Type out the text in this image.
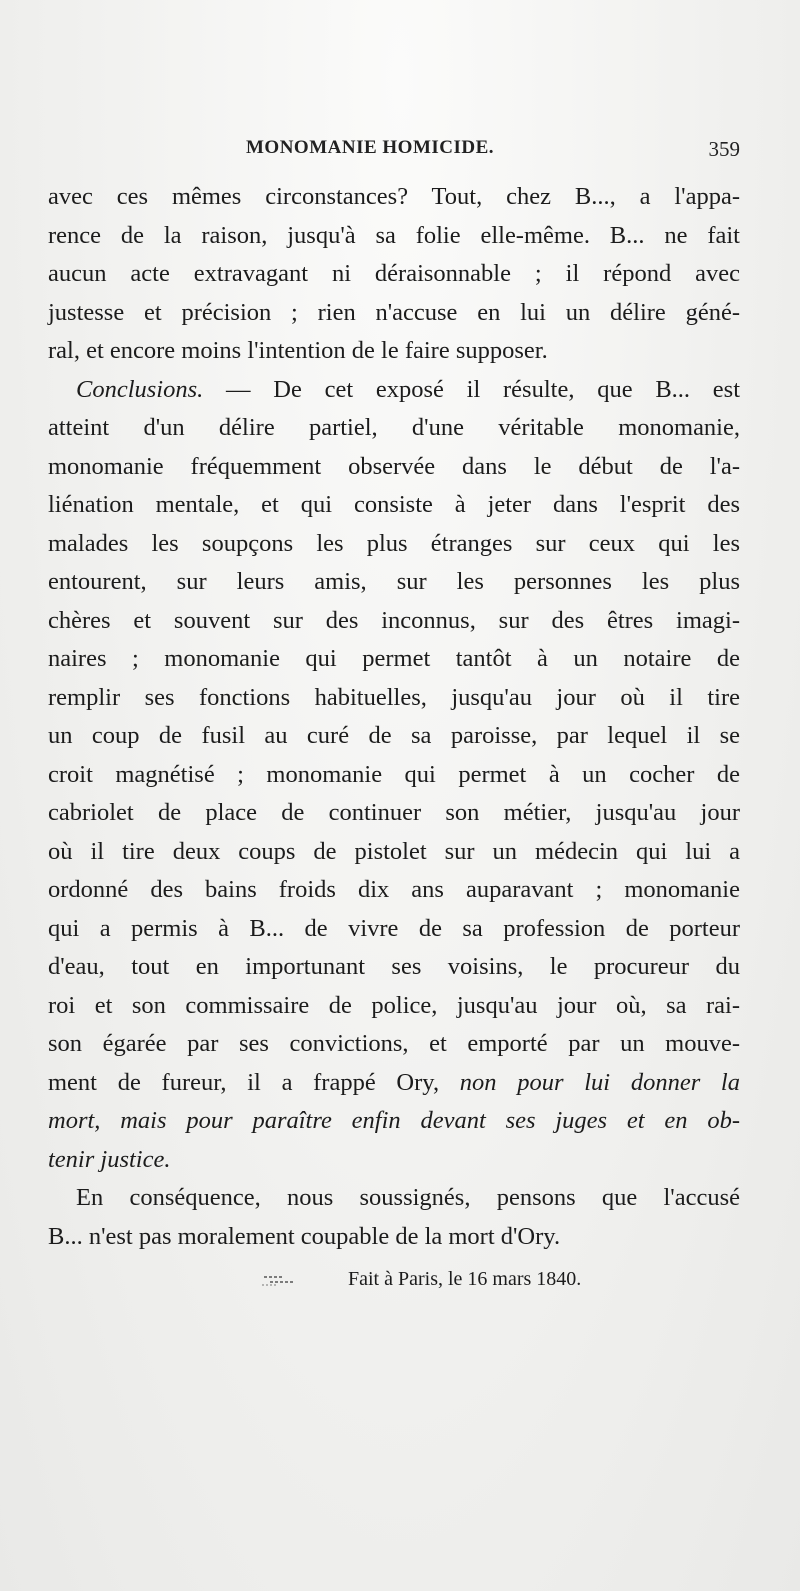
MONOMANIE HOMICIDE.	359
avec ces mêmes circonstances? Tout, chez B..., a l'appa-
rence de la raison, jusqu'à sa folie elle-même. B... ne fait
aucun acte extravagant ni déraisonnable ; il répond avec
justesse et précision ; rien n'accuse en lui un délire géné-
ral, et encore moins l'intention de le faire supposer.
Conclusions. — De cet exposé il résulte, que B... est
atteint d'un délire partiel, d'une véritable monomanie,
monomanie fréquemment observée dans le début de l'a-
liénation mentale, et qui consiste à jeter dans l'esprit des
malades les soupçons les plus étranges sur ceux qui les
entourent, sur leurs amis, sur les personnes les plus
chères et souvent sur des inconnus, sur des êtres imagi-
naires ; monomanie qui permet tantôt à un notaire de
remplir ses fonctions habituelles, jusqu'au jour où il tire
un coup de fusil au curé de sa paroisse, par lequel il se
croit magnétisé ; monomanie qui permet à un cocher de
cabriolet de place de continuer son métier, jusqu'au jour
où il tire deux coups de pistolet sur un médecin qui lui a
ordonné des bains froids dix ans auparavant ; monomanie
qui a permis à B... de vivre de sa profession de porteur
d'eau, tout en importunant ses voisins, le procureur du
roi et son commissaire de police, jusqu'au jour où, sa rai-
son égarée par ses convictions, et emporté par un mouve-
ment de fureur, il a frappé Ory, non pour lui donner la
mort, mais pour paraître enfin devant ses juges et en ob-
tenir justice.
En conséquence, nous soussignés, pensons que l'accusé
B... n'est pas moralement coupable de la mort d'Ory.
Fait à Paris, le 16 mars 1840.
